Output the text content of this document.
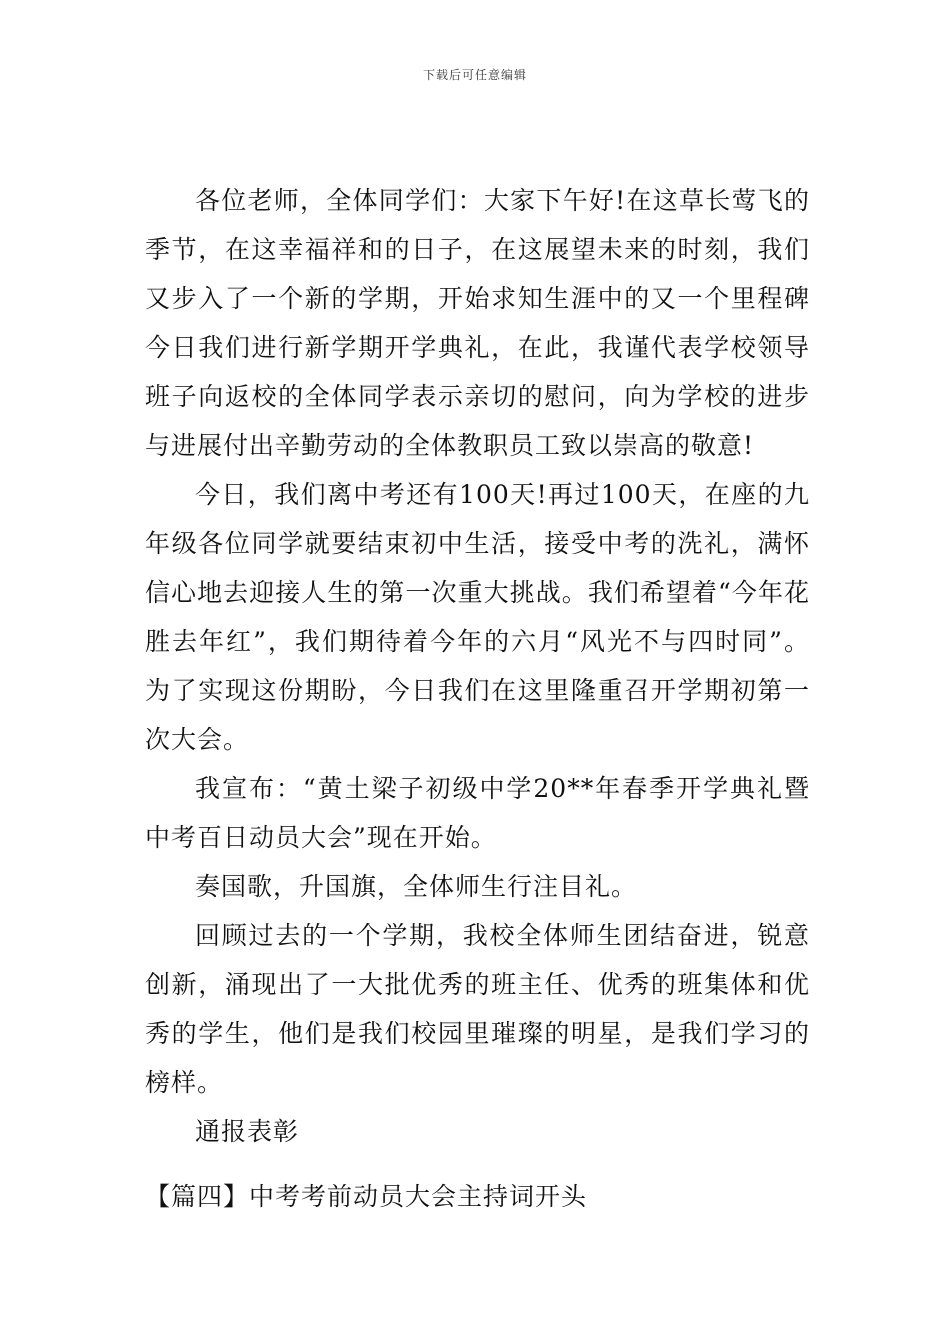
下载后可任意编辑

各位老师，全体同学们：大家下午好!在这草长莺飞的季节，在这幸福祥和的日子，在这展望未来的时刻，我们又步入了一个新的学期，开始求知生涯中的又一个里程碑今日我们进行新学期开学典礼，在此，我谨代表学校领导班子向返校的全体同学表示亲切的慰问，向为学校的进步与进展付出辛勤劳动的全体教职员工致以崇高的敬意!

今日，我们离中考还有100天!再过100天，在座的九年级各位同学就要结束初中生活，接受中考的洗礼，满怀信心地去迎接人生的第一次重大挑战。我们希望着“今年花胜去年红”，我们期待着今年的六月“风光不与四时同”。为了实现这份期盼，今日我们在这里隆重召开学期初第一次大会。

我宣布：“黄土梁子初级中学20**年春季开学典礼暨中考百日动员大会”现在开始。

奏国歌，升国旗，全体师生行注目礼。

回顾过去的一个学期，我校全体师生团结奋进，锐意创新，涌现出了一大批优秀的班主任、优秀的班集体和优秀的学生，他们是我们校园里璀璨的明星，是我们学习的榜样。

通报表彰

【篇四】中考考前动员大会主持词开头
